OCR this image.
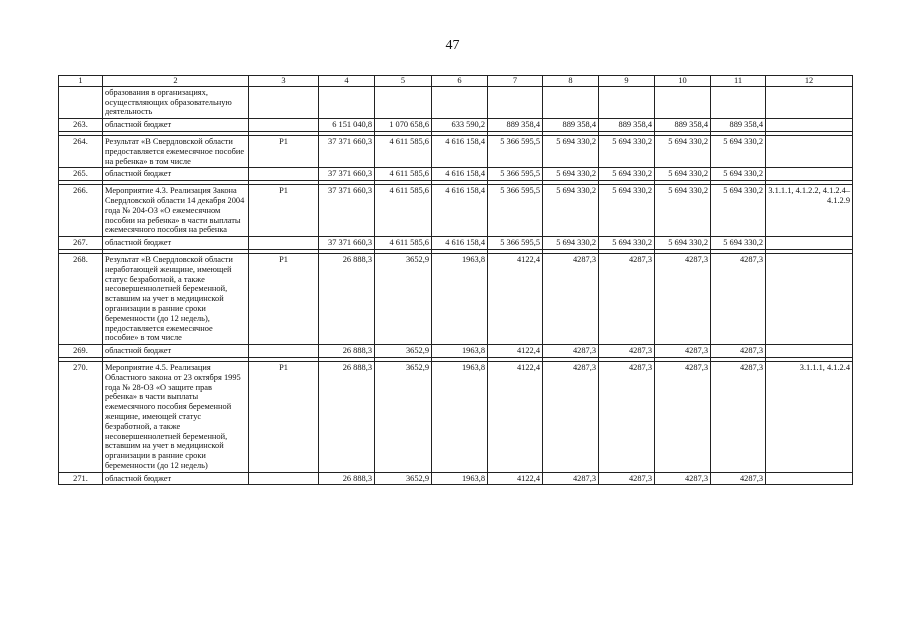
47
1	2	3	4	5	6	7	8	9	10	11	12
	образования в организациях, осуществляющих образовательную деятельность										
263.	областной бюджет		6 151 040,8	1 070 658,6	633 590,2	889 358,4	889 358,4	889 358,4	889 358,4	889 358,4	

264.	Результат «В Свердловской области предоставляется ежемесячное пособие на ребенка» в том числе	Р1	37 371 660,3	4 611 585,6	4 616 158,4	5 366 595,5	5 694 330,2	5 694 330,2	5 694 330,2	5 694 330,2	
265.	областной бюджет		37 371 660,3	4 611 585,6	4 616 158,4	5 366 595,5	5 694 330,2	5 694 330,2	5 694 330,2	5 694 330,2	

266.	Мероприятие 4.3. Реализация Закона Свердловской области 14 декабря 2004 года № 204-ОЗ «О ежемесячном пособии на ребенка» в части выплаты ежемесячного пособия на ребенка	Р1	37 371 660,3	4 611 585,6	4 616 158,4	5 366 595,5	5 694 330,2	5 694 330,2	5 694 330,2	5 694 330,2	3.1.1.1, 4.1.2.2, 4.1.2.4–4.1.2.9
267.	областной бюджет		37 371 660,3	4 611 585,6	4 616 158,4	5 366 595,5	5 694 330,2	5 694 330,2	5 694 330,2	5 694 330,2	

268.	Результат «В Свердловской области неработающей женщине, имеющей статус безработной, а также несовершеннолетней беременной, вставшим на учет в медицинской организации в ранние сроки беременности (до 12 недель), предоставляется ежемесячное пособие» в том числе	Р1	26 888,3	3652,9	1963,8	4122,4	4287,3	4287,3	4287,3	4287,3	
269.	областной бюджет		26 888,3	3652,9	1963,8	4122,4	4287,3	4287,3	4287,3	4287,3	

270.	Мероприятие 4.5. Реализация Областного закона от 23 октября 1995 года № 28-ОЗ «О защите прав ребенка» в части выплаты ежемесячного пособия беременной женщине, имеющей статус безработной, а также несовершеннолетней беременной, вставшим на учет в медицинской организации в ранние сроки беременности (до 12 недель)	Р1	26 888,3	3652,9	1963,8	4122,4	4287,3	4287,3	4287,3	4287,3	3.1.1.1, 4.1.2.4
271.	областной бюджет		26 888,3	3652,9	1963,8	4122,4	4287,3	4287,3	4287,3	4287,3	
